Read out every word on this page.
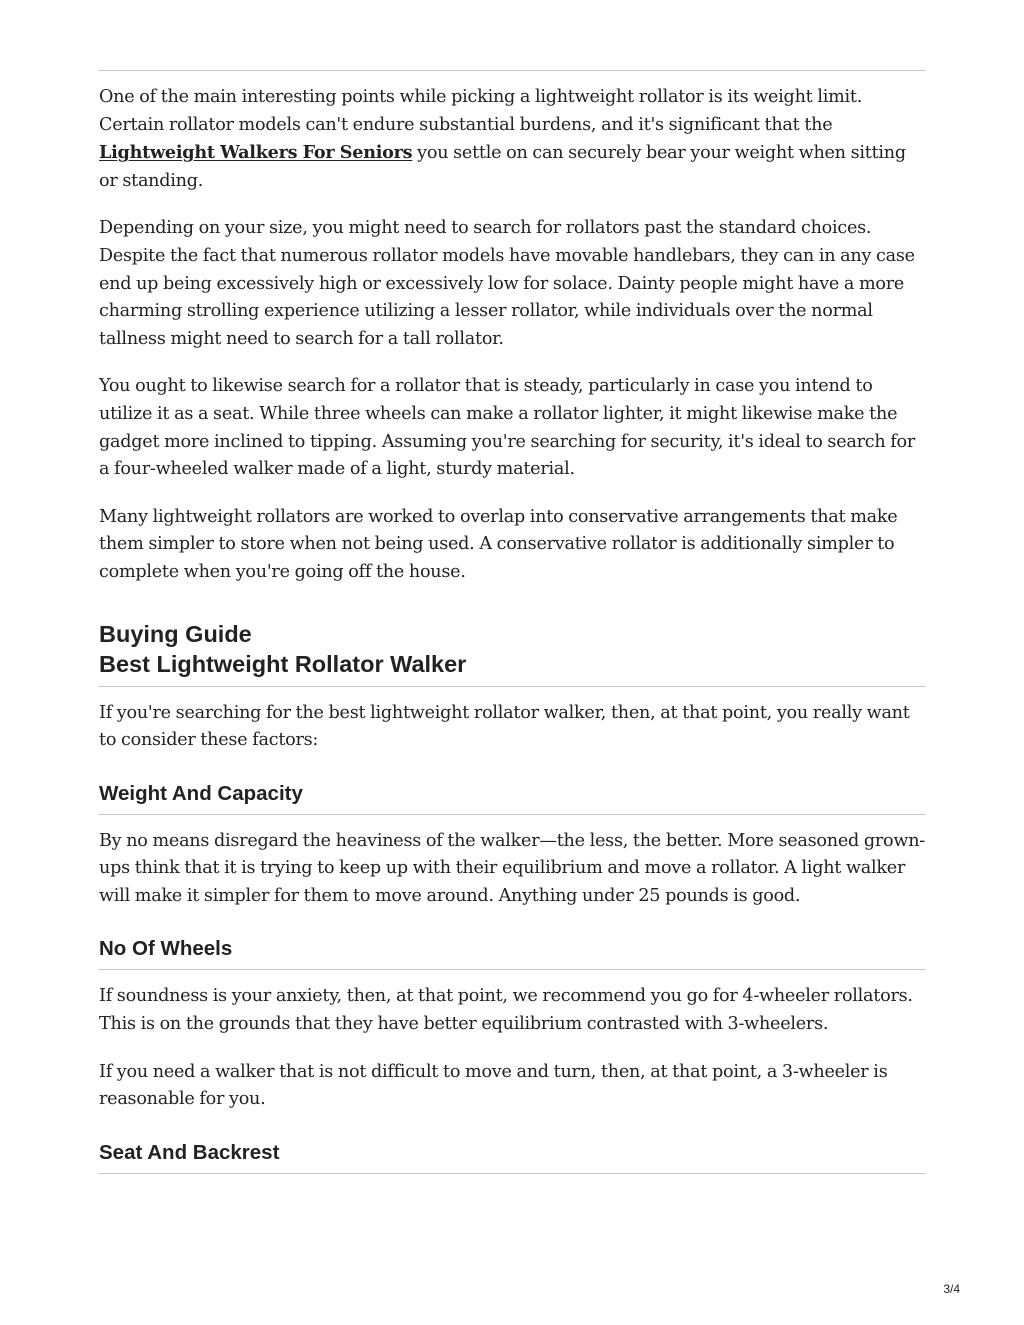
One of the main interesting points while picking a lightweight rollator is its weight limit. Certain rollator models can't endure substantial burdens, and it's significant that the Lightweight Walkers For Seniors you settle on can securely bear your weight when sitting or standing.

Depending on your size, you might need to search for rollators past the standard choices. Despite the fact that numerous rollator models have movable handlebars, they can in any case end up being excessively high or excessively low for solace. Dainty people might have a more charming strolling experience utilizing a lesser rollator, while individuals over the normal tallness might need to search for a tall rollator.

You ought to likewise search for a rollator that is steady, particularly in case you intend to utilize it as a seat. While three wheels can make a rollator lighter, it might likewise make the gadget more inclined to tipping. Assuming you're searching for security, it's ideal to search for a four-wheeled walker made of a light, sturdy material.

Many lightweight rollators are worked to overlap into conservative arrangements that make them simpler to store when not being used. A conservative rollator is additionally simpler to complete when you're going off the house.

Buying Guide
Best Lightweight Rollator Walker

If you're searching for the best lightweight rollator walker, then, at that point, you really want to consider these factors:

Weight And Capacity

By no means disregard the heaviness of the walker—the less, the better. More seasoned grown-ups think that it is trying to keep up with their equilibrium and move a rollator. A light walker will make it simpler for them to move around. Anything under 25 pounds is good.

No Of Wheels

If soundness is your anxiety, then, at that point, we recommend you go for 4-wheeler rollators. This is on the grounds that they have better equilibrium contrasted with 3-wheelers.

If you need a walker that is not difficult to move and turn, then, at that point, a 3-wheeler is reasonable for you.

Seat And Backrest
3/4
